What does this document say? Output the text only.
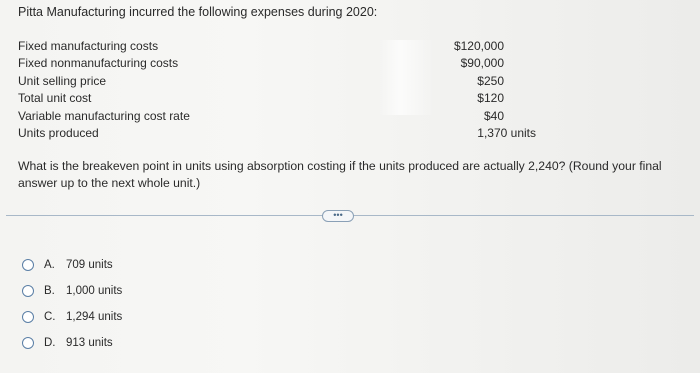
Pitta Manufacturing incurred the following expenses during 2020:
Fixed manufacturing costs
Fixed nonmanufacturing costs
Unit selling price
Total unit cost
Variable manufacturing cost rate
Units produced
$120,000
$90,000
$250
$120
$40
1,370 units
What is the breakeven point in units using absorption costing if the units produced are actually 2,240? (Round your final answer up to the next whole unit.)
•••
A. 709 units
B. 1,000 units
C. 1,294 units
D. 913 units
